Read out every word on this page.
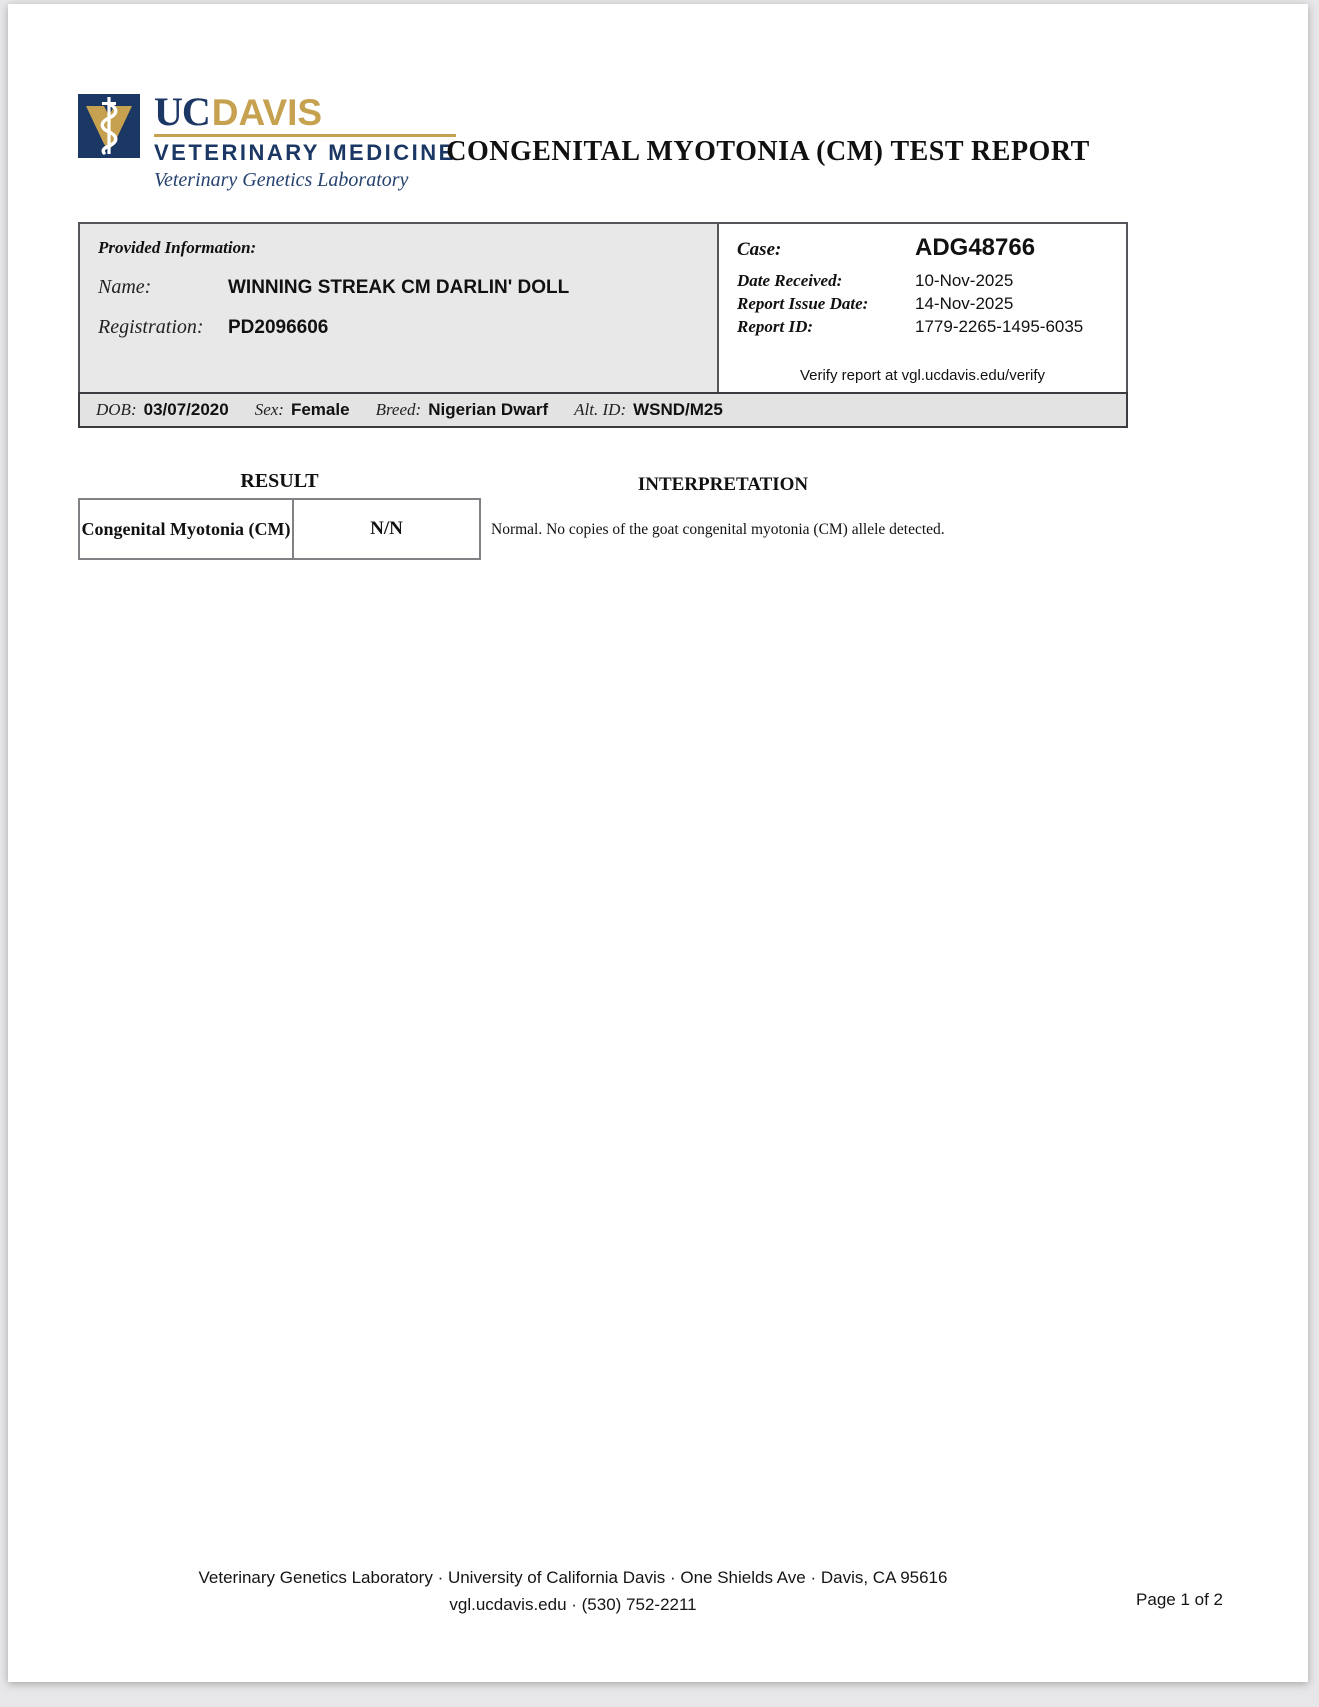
UC DAVIS
VETERINARY MEDICINE
Veterinary Genetics Laboratory
CONGENITAL MYOTONIA (CM) TEST REPORT
Provided Information:
Name:	WINNING STREAK CM DARLIN' DOLL
Registration:	PD2096606
Case:	ADG48766
Date Received:	10-Nov-2025
Report Issue Date:	14-Nov-2025
Report ID:	1779-2265-1495-6035
Verify report at vgl.ucdavis.edu/verify
DOB: 03/07/2020 Sex: Female Breed: Nigerian Dwarf Alt. ID: WSND/M25
RESULT	INTERPRETATION
Congenital Myotonia (CM)	N/N	Normal. No copies of the goat congenital myotonia (CM) allele detected.
Veterinary Genetics Laboratory · University of California Davis · One Shields Ave · Davis, CA 95616
vgl.ucdavis.edu · (530) 752-2211	Page 1 of 2
